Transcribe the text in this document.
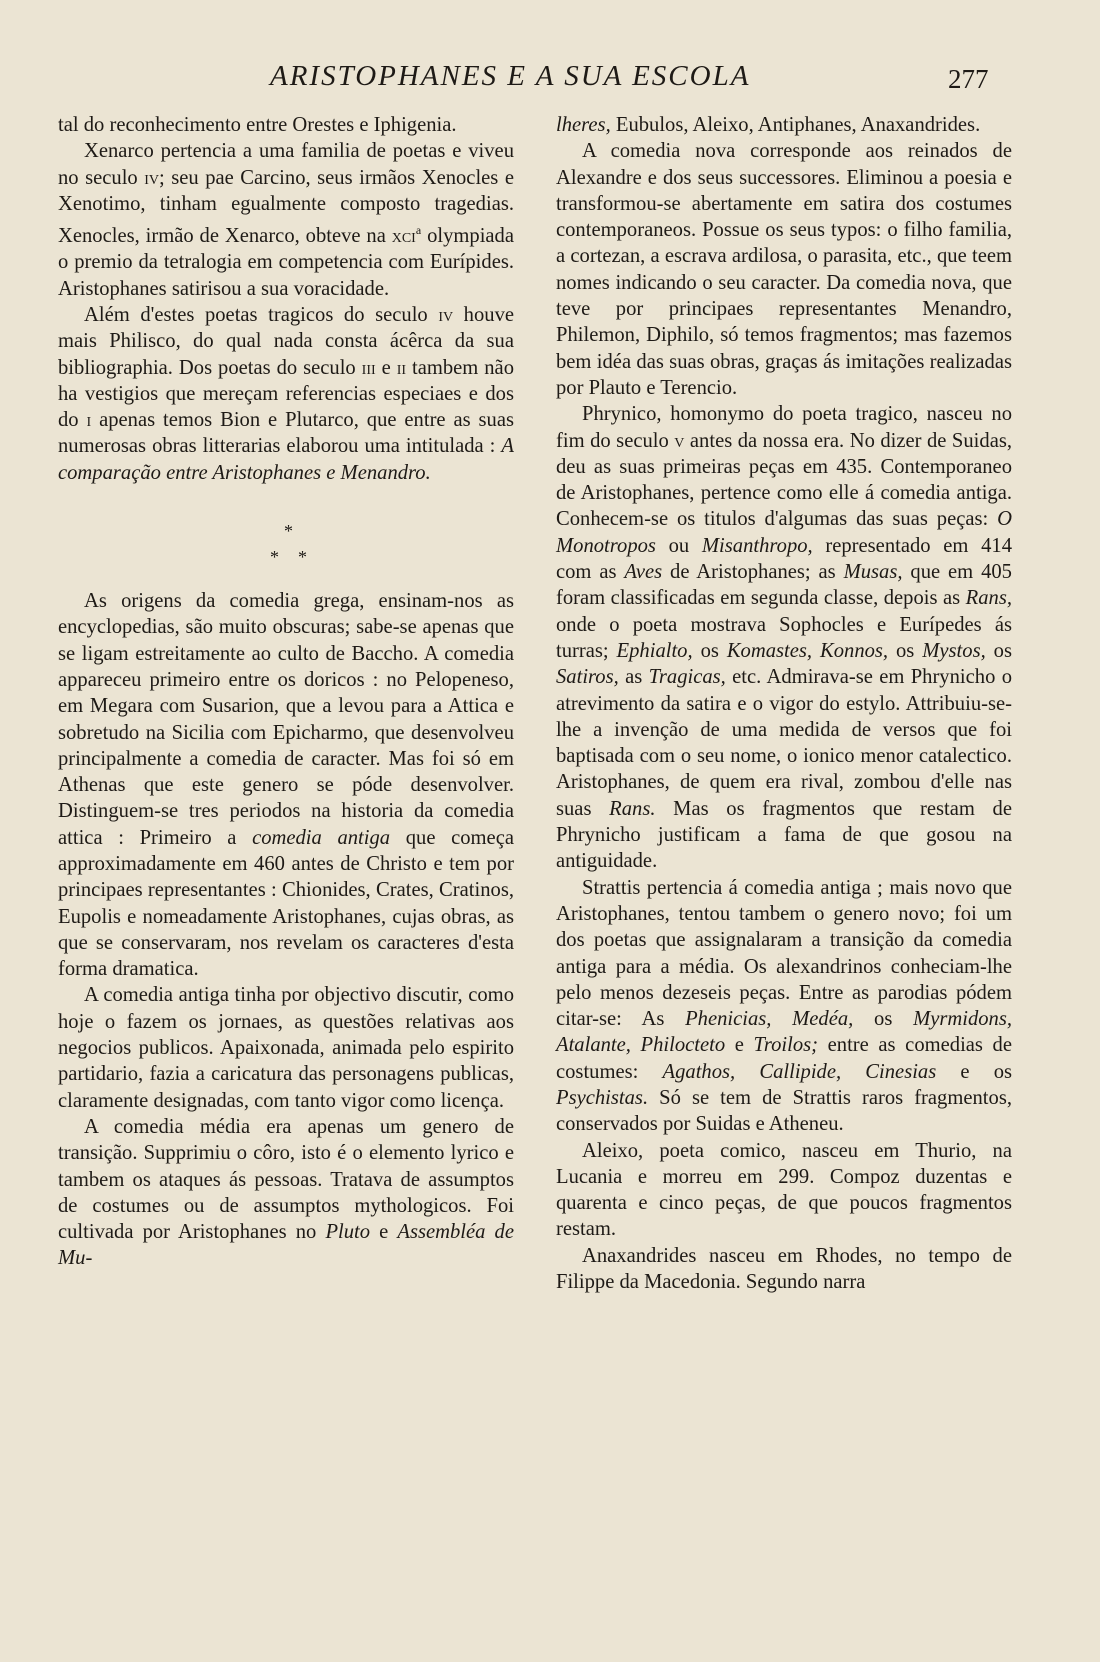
ARISTOPHANES E A SUA ESCOLA	277

tal do reconhecimento entre Orestes e Iphigenia.

Xenarco pertencia a uma familia de poetas e viveu no seculo iv; seu pae Carcino, seus irmãos Xenocles e Xenotimo, tinham egualmente composto tragedias. Xenocles, irmão de Xenarco, obteve na xci$^a$ olympiada o premio da tetralogia em competencia com Eurípides. Aristophanes satirisou a sua voracidade.

Além d'estes poetas tragicos do seculo iv houve mais Philisco, do qual nada consta ácêrca da sua bibliographia. Dos poetas do seculo iii e ii tambem não ha vestigios que mereçam referencias especiaes e dos do i apenas temos Bion e Plutarco, que entre as suas numerosas obras litterarias elaborou uma intitulada : A comparação entre Aristophanes e Menandro.

*
* *

As origens da comedia grega, ensinam-nos as encyclopedias, são muito obscuras; sabe-se apenas que se ligam estreitamente ao culto de Baccho. A comedia appareceu primeiro entre os doricos : no Pelopeneso, em Megara com Susarion, que a levou para a Attica e sobretudo na Sicilia com Epicharmo, que desenvolveu principalmente a comedia de caracter. Mas foi só em Athenas que este genero se póde desenvolver. Distinguem-se tres periodos na historia da comedia attica : Primeiro a comedia antiga que começa approximadamente em 460 antes de Christo e tem por principaes representantes : Chionides, Crates, Cratinos, Eupolis e nomeadamente Aristophanes, cujas obras, as que se conservaram, nos revelam os caracteres d'esta forma dramatica.

A comedia antiga tinha por objectivo discutir, como hoje o fazem os jornaes, as questões relativas aos negocios publicos. Apaixonada, animada pelo espirito partidario, fazia a caricatura das personagens publicas, claramente designadas, com tanto vigor como licença.

A comedia média era apenas um genero de transição. Supprimiu o côro, isto é o elemento lyrico e tambem os ataques ás pessoas. Tratava de assumptos de costumes ou de assumptos mythologicos. Foi cultivada por Aristophanes no Pluto e Assembléa de Mu-

lheres, Eubulos, Aleixo, Antiphanes, Anaxandrides.

A comedia nova corresponde aos reinados de Alexandre e dos seus successores. Eliminou a poesia e transformou-se abertamente em satira dos costumes contemporaneos. Possue os seus typos: o filho familia, a cortezan, a escrava ardilosa, o parasita, etc., que teem nomes indicando o seu caracter. Da comedia nova, que teve por principaes representantes Menandro, Philemon, Diphilo, só temos fragmentos; mas fazemos bem idéa das suas obras, graças ás imitações realizadas por Plauto e Terencio.

Phrynico, homonymo do poeta tragico, nasceu no fim do seculo v antes da nossa era. No dizer de Suidas, deu as suas primeiras peças em 435. Contemporaneo de Aristophanes, pertence como elle á comedia antiga. Conhecem-se os titulos d'algumas das suas peças: O Monotropos ou Misanthropo, representado em 414 com as Aves de Aristophanes; as Musas, que em 405 foram classificadas em segunda classe, depois as Rans, onde o poeta mostrava Sophocles e Eurípedes ás turras; Ephialto, os Komastes, Konnos, os Mystos, os Satiros, as Tragicas, etc. Admirava-se em Phrynicho o atrevimento da satira e o vigor do estylo. Attribuiu-se-lhe a invenção de uma medida de versos que foi baptisada com o seu nome, o ionico menor catalectico. Aristophanes, de quem era rival, zombou d'elle nas suas Rans. Mas os fragmentos que restam de Phrynicho justificam a fama de que gosou na antiguidade.

Strattis pertencia á comedia antiga ; mais novo que Aristophanes, tentou tambem o genero novo; foi um dos poetas que assignalaram a transição da comedia antiga para a média. Os alexandrinos conheciam-lhe pelo menos dezeseis peças. Entre as parodias pódem citar-se: As Phenicias, Medéa, os Myrmidons, Atalante, Philocteto e Troilos; entre as comedias de costumes: Agathos, Callipide, Cinesias e os Psychistas. Só se tem de Strattis raros fragmentos, conservados por Suidas e Atheneu.

Aleixo, poeta comico, nasceu em Thurio, na Lucania e morreu em 299. Compoz duzentas e quarenta e cinco peças, de que poucos fragmentos restam.

Anaxandrides nasceu em Rhodes, no tempo de Filippe da Macedonia. Segundo narra
